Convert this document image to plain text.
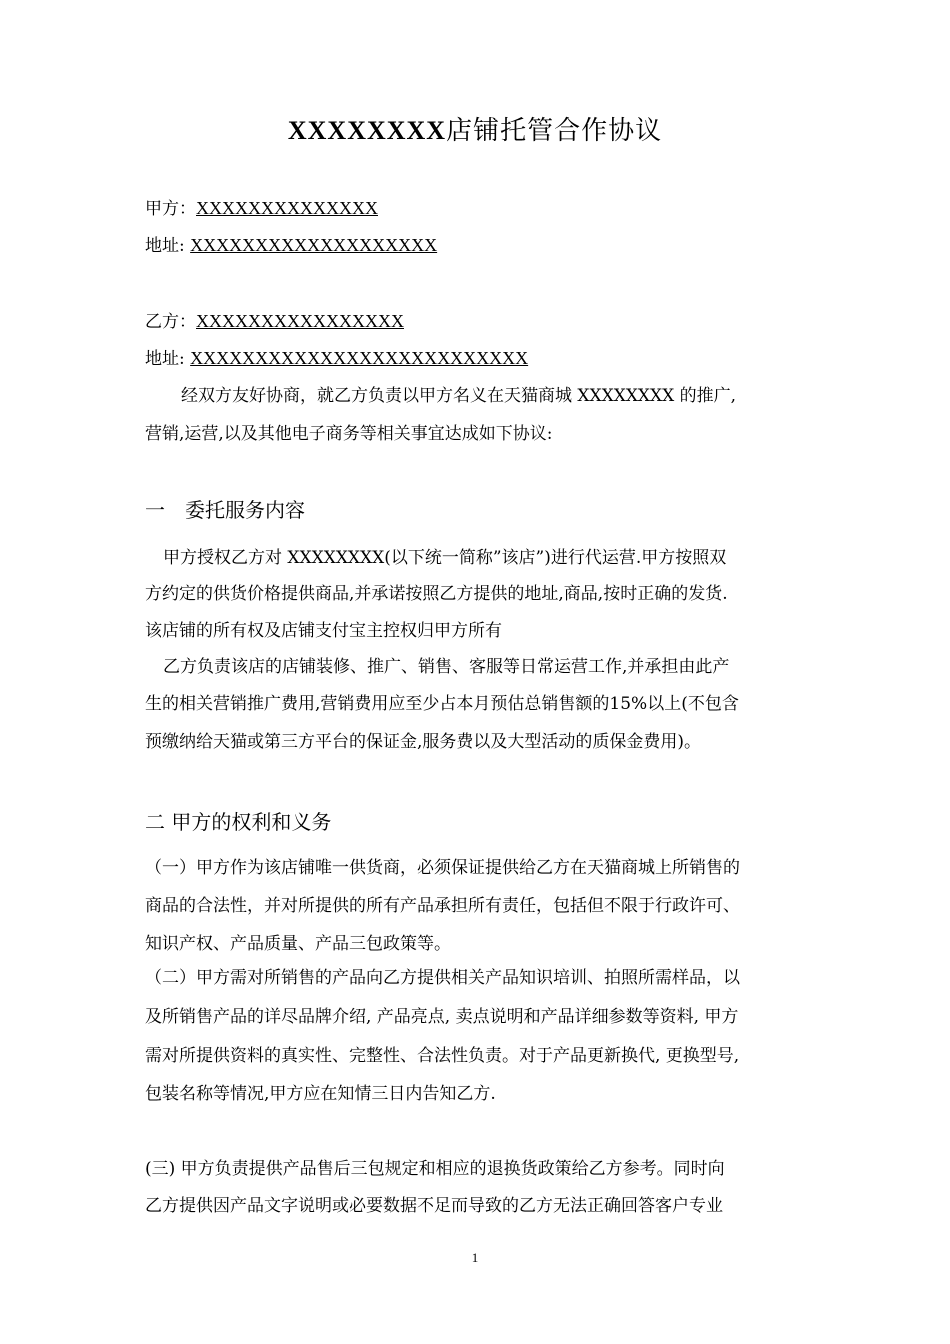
XXXXXXXX店铺托管合作协议
甲方：XXXXXXXXXXXXXX
地址: XXXXXXXXXXXXXXXXXXX
乙方：XXXXXXXXXXXXXXXX
地址: XXXXXXXXXXXXXXXXXXXXXXXXXX
经双方友好协商，就乙方负责以甲方名义在天猫商城 XXXXXXXX 的推广,
营销,运营,以及其他电子商务等相关事宜达成如下协议:
一　委托服务内容
甲方授权乙方对 XXXXXXXX(以下统一简称”该店”)进行代运营.甲方按照双
方约定的供货价格提供商品,并承诺按照乙方提供的地址,商品,按时正确的发货.
该店铺的所有权及店铺支付宝主控权归甲方所有
乙方负责该店的店铺装修、推广、销售、客服等日常运营工作,并承担由此产
生的相关营销推广费用,营销费用应至少占本月预估总销售额的15%以上(不包含
预缴纳给天猫或第三方平台的保证金,服务费以及大型活动的质保金费用)。
二 甲方的权利和义务
（一）甲方作为该店铺唯一供货商，必须保证提供给乙方在天猫商城上所销售的
商品的合法性，并对所提供的所有产品承担所有责任，包括但不限于行政许可、
知识产权、产品质量、产品三包政策等。
（二）甲方需对所销售的产品向乙方提供相关产品知识培训、拍照所需样品，以
及所销售产品的详尽品牌介绍, 产品亮点, 卖点说明和产品详细参数等资料, 甲方
需对所提供资料的真实性、完整性、合法性负责。对于产品更新换代, 更换型号,
包装名称等情况,甲方应在知情三日内告知乙方.
(三) 甲方负责提供产品售后三包规定和相应的退换货政策给乙方参考。同时向
乙方提供因产品文字说明或必要数据不足而导致的乙方无法正确回答客户专业
1
